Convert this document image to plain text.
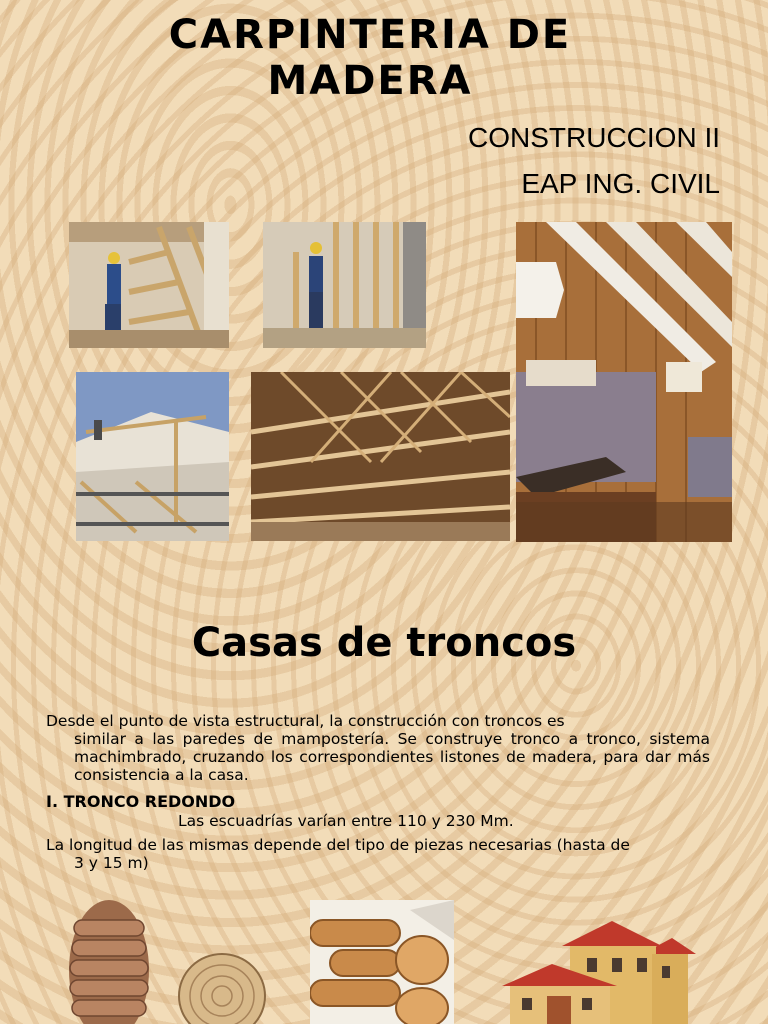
CARPINTERIA DE
MADERA
CONSTRUCCION II
EAP ING. CIVIL
Casas de troncos
Desde el punto de vista estructural, la construcción con troncos es
similar a las paredes de mampostería. Se construye tronco a tronco, sistema machimbrado, cruzando los correspondientes listones de madera, para dar más consistencia a la casa.
I. TRONCO REDONDO
Las escuadrías varían entre 110 y 230 Mm.
La longitud de las mismas depende del tipo de piezas necesarias (hasta de
3 y 15 m)
